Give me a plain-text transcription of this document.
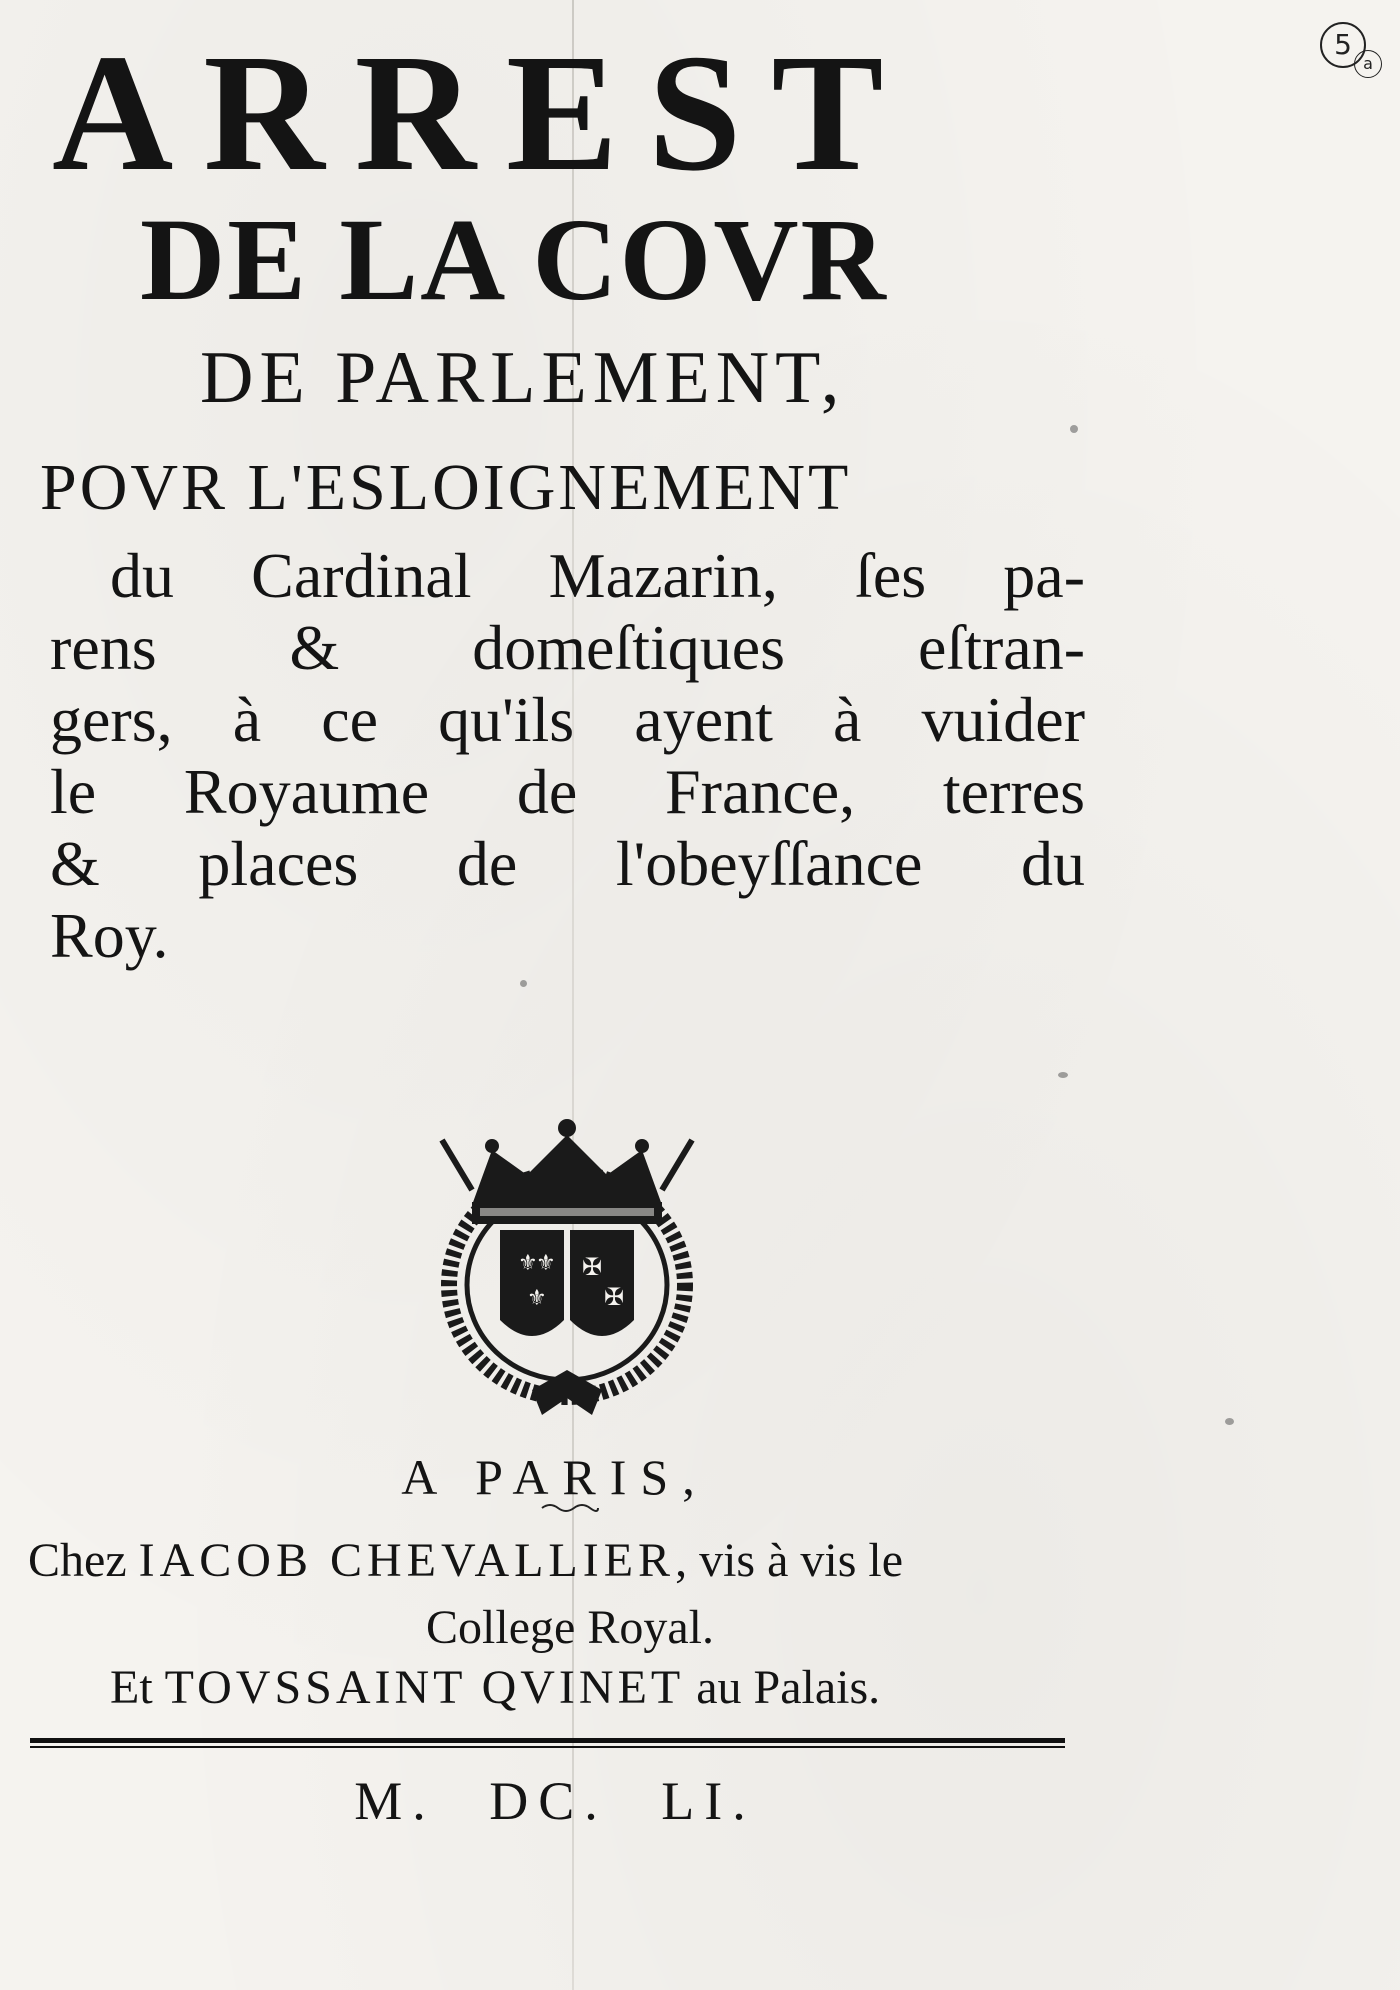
5
a
ARREST
DE LA COVR
DE PARLEMENT,
POVR L'ESLOIGNEMENT
du Cardinal Mazarin, ſes pa-
rens & domeſtiques eſtran-
gers, à ce qu'ils ayent à vuider
le Royaume de France, terres
& places de l'obeyſſance du
Roy.
⚜
⚜
⚜
✠
✠
A PARIS,
Chez IACOB CHEVALLIER, vis à vis le
College Royal.
Et TOVSSAINT QVINET au Palais.
M. DC. LI.
